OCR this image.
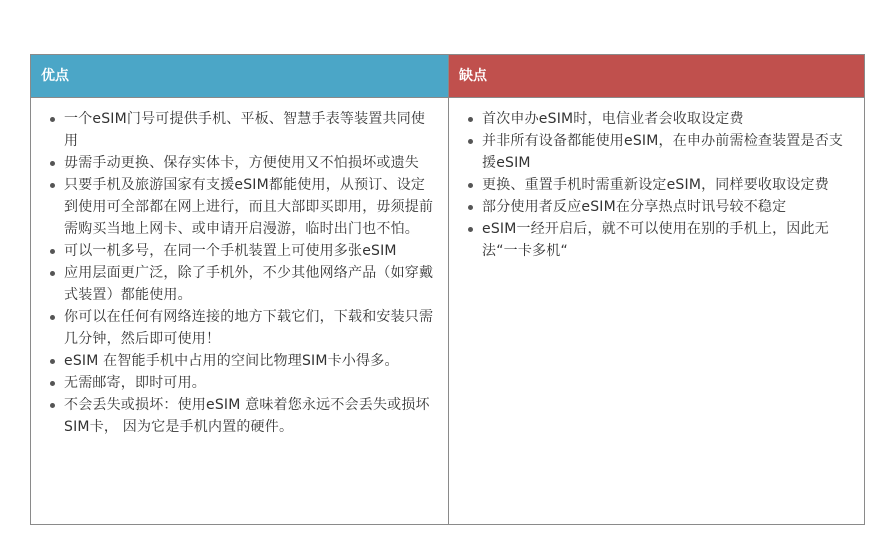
优点	缺点
一个eSIM门号可提供手机、平板、智慧手表等装置共同使用
毋需手动更换、保存实体卡，方便使用又不怕损坏或遗失
只要手机及旅游国家有支援eSIM都能使用，从预订、设定到使用可全部都在网上进行，而且大部即买即用，毋须提前需购买当地上网卡、或申请开启漫游，临时出门也不怕。
可以一机多号，在同一个手机装置上可使用多张eSIM
应用层面更广泛，除了手机外，不少其他网络产品（如穿戴式装置）都能使用。
你可以在任何有网络连接的地方下载它们，下载和安装只需几分钟，然后即可使用！
eSIM 在智能手机中占用的空间比物理SIM卡小得多。
无需邮寄，即时可用。
不会丢失或损坏：使用eSIM 意味着您永远不会丢失或损坏SIM卡， 因为它是手机内置的硬件。
首次申办eSIM时，电信业者会收取设定费
并非所有设备都能使用eSIM，在申办前需检查装置是否支援eSIM
更换、重置手机时需重新设定eSIM，同样要收取设定费
部分使用者反应eSIM在分享热点时讯号较不稳定
eSIM一经开启后，就不可以使用在别的手机上，因此无法“一卡多机“
